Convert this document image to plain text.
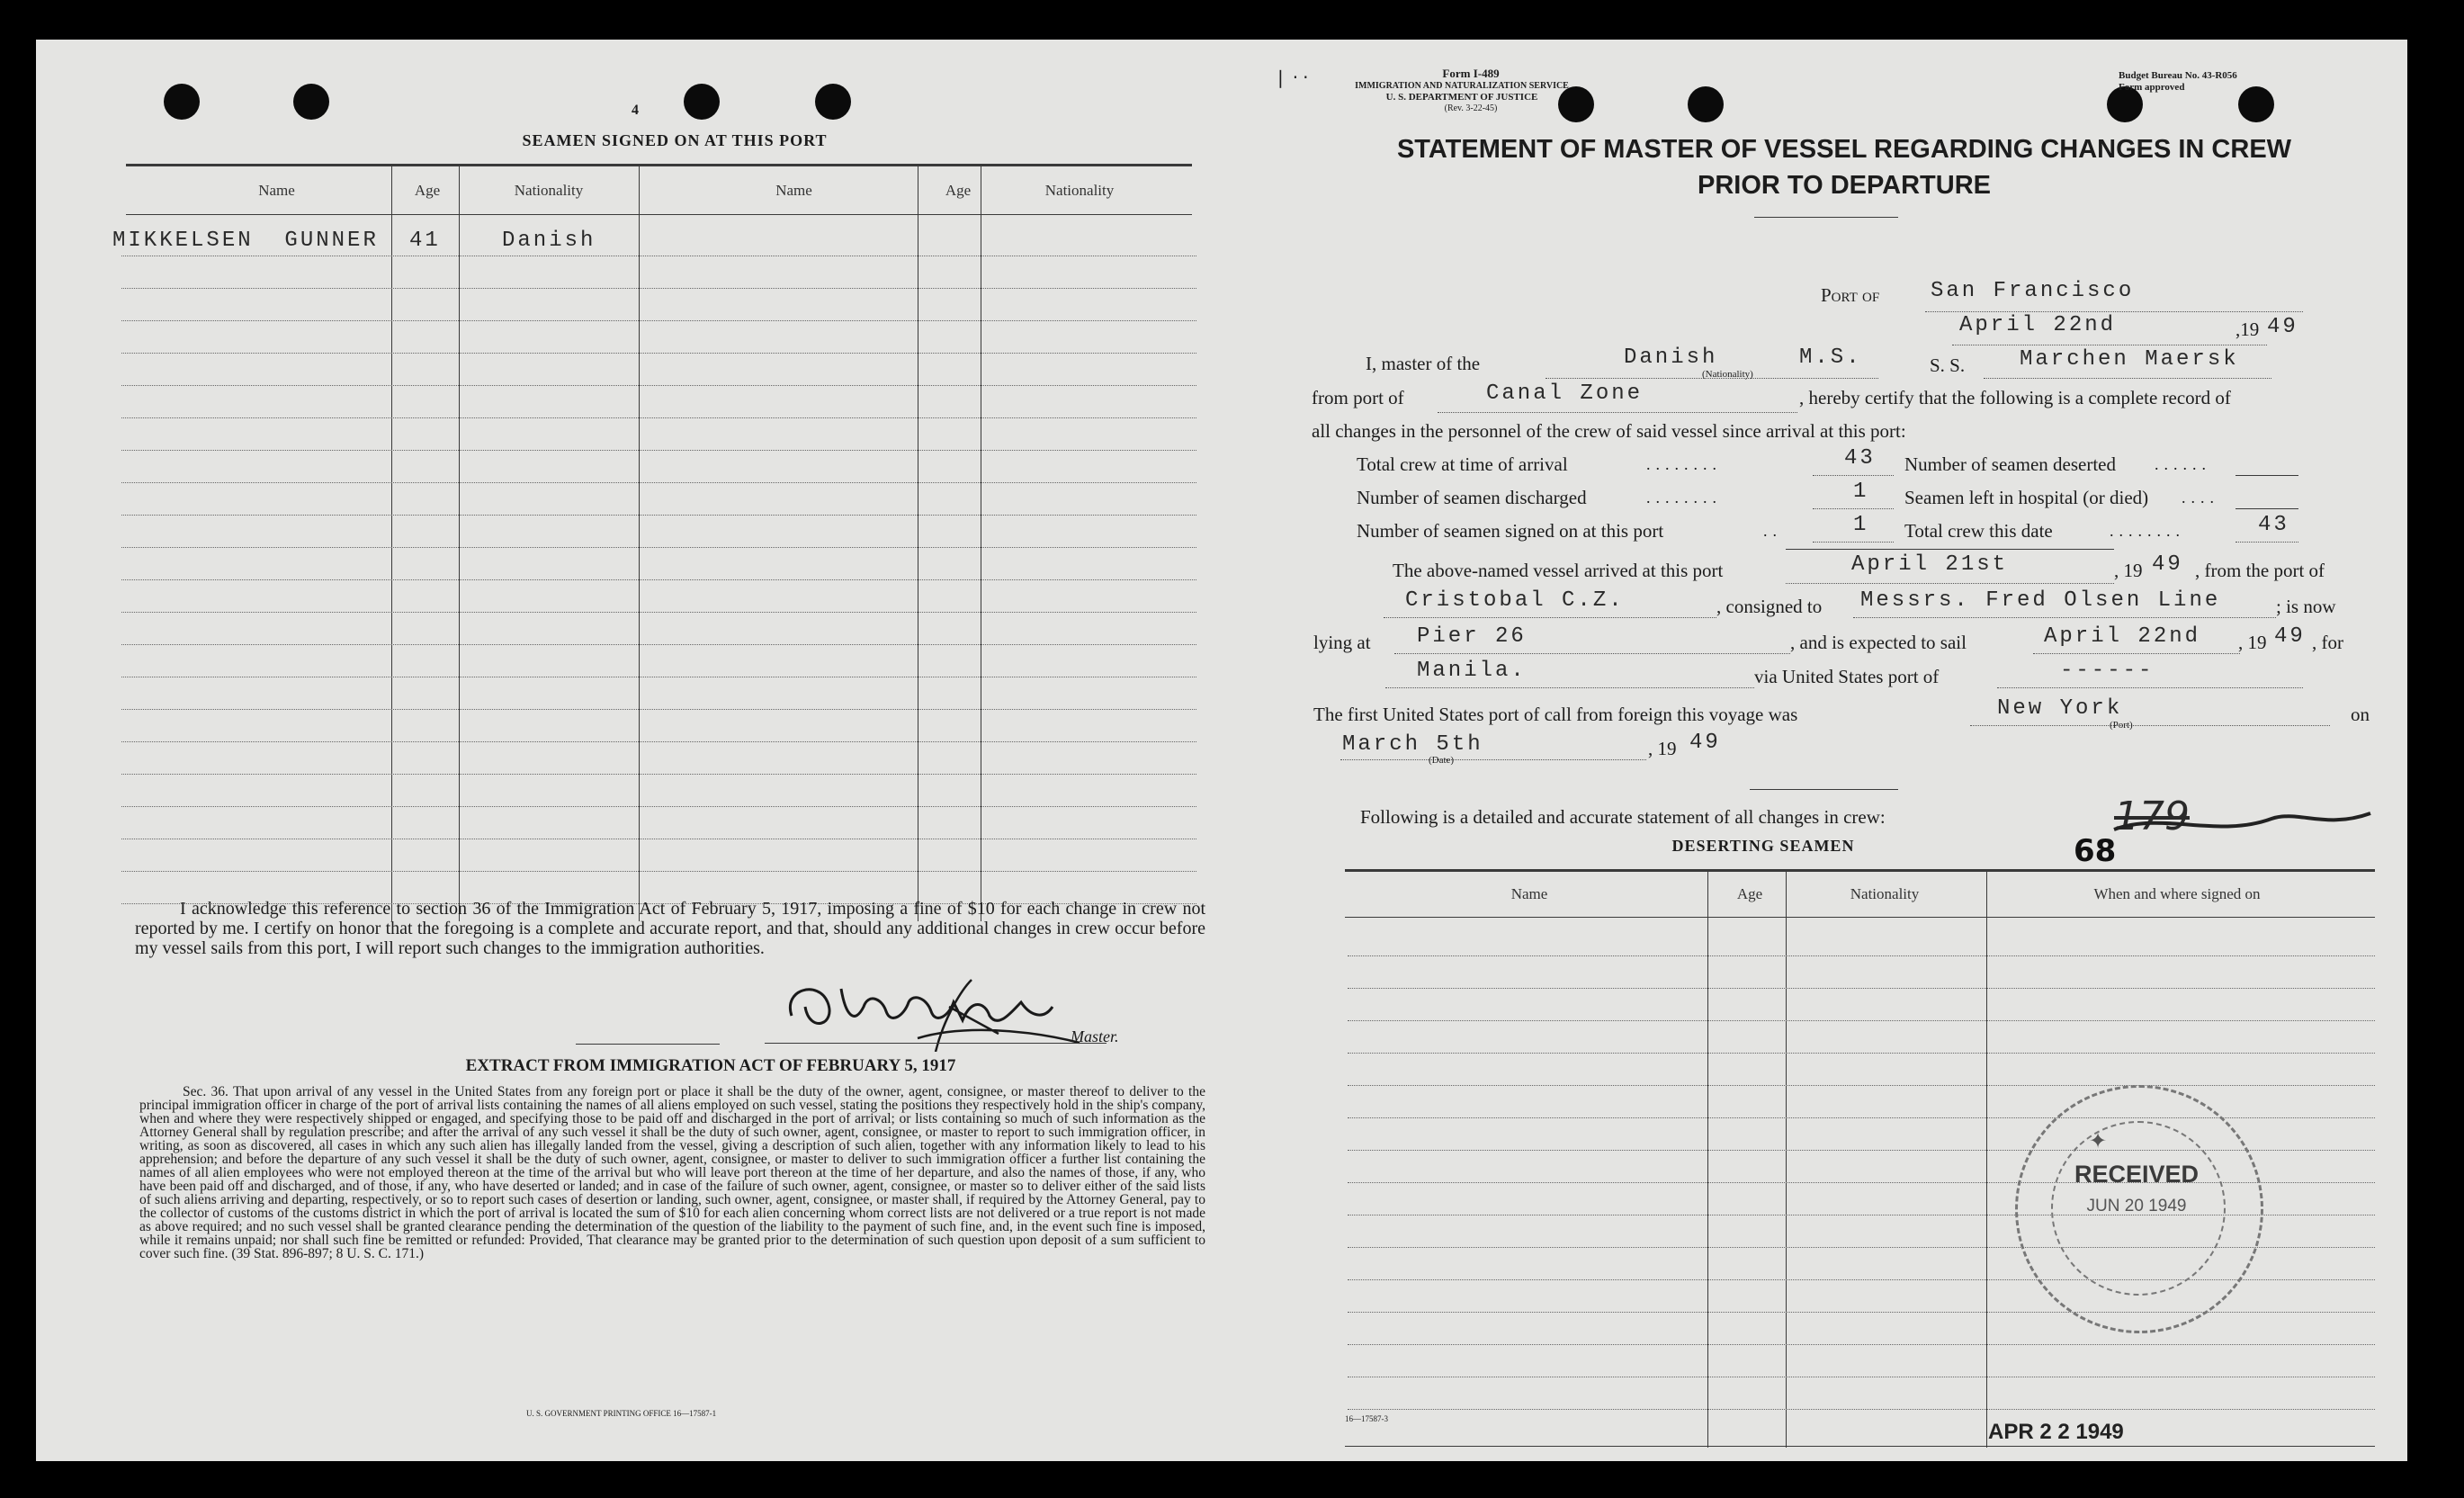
4
SEAMEN SIGNED ON AT THIS PORT
Name	Age	Nationality	Name	Age	Nationality
MIKKELSEN  GUNNER 41	Danish
I acknowledge this reference to section 36 of the Immigration Act of February 5, 1917, imposing a fine of $10 for each change in crew not reported by me. I certify on honor that the foregoing is a complete and accurate report, and that, should any additional changes in crew occur before my vessel sails from this port, I will report such changes to the immigration authorities.
Master.
EXTRACT FROM IMMIGRATION ACT OF FEBRUARY 5, 1917
Sec. 36. That upon arrival of any vessel in the United States from any foreign port or place it shall be the duty of the owner, agent, consignee, or master thereof to deliver to the principal immigration officer in charge of the port of arrival lists containing the names of all aliens employed on such vessel, stating the positions they respectively hold in the ship's company, when and where they were respectively shipped or engaged, and specifying those to be paid off and discharged in the port of arrival; or lists containing so much of such information as the Attorney General shall by regulation prescribe; and after the arrival of any such vessel it shall be the duty of such owner, agent, consignee, or master to report to such immigration officer, in writing, as soon as discovered, all cases in which any such alien has illegally landed from the vessel, giving a description of such alien, together with any information likely to lead to his apprehension; and before the departure of any such vessel it shall be the duty of such owner, agent, consignee, or master to deliver to such immigration officer a further list containing the names of all alien employees who were not employed thereon at the time of the arrival but who will leave port thereon at the time of her departure, and also the names of those, if any, who have been paid off and discharged, and of those, if any, who have deserted or landed; and in case of the failure of such owner, agent, consignee, or master so to deliver either of the said lists of such aliens arriving and departing, respectively, or so to report such cases of desertion or landing, such owner, agent, consignee, or master shall, if required by the Attorney General, pay to the collector of customs of the customs district in which the port of arrival is located the sum of $10 for each alien concerning whom correct lists are not delivered or a true report is not made as above required; and no such vessel shall be granted clearance pending the determination of the question of the liability to the payment of such fine, and, in the event such fine is imposed, while it remains unpaid; nor shall such fine be remitted or refunded: Provided, That clearance may be granted prior to the determination of such question upon deposit of a sum sufficient to cover such fine. (39 Stat. 896-897; 8 U. S. C. 171.)
U. S. GOVERNMENT PRINTING OFFICE 16—17587-1
❘ ‧ ‧	Form I-489
IMMIGRATION AND NATURALIZATION SERVICE
U. S. DEPARTMENT OF JUSTICE
(Rev. 3-22-45)
Budget Bureau No. 43-R056
Form approved
STATEMENT OF MASTER OF VESSEL REGARDING CHANGES IN CREW
PRIOR TO DEPARTURE
Port of San Francisco
April 22nd	,19 49
I, master of the	Danish
(Nationality)
M.S.	S. S.	Marchen Maersk
from port of	Canal Zone	, hereby certify that the following is a complete record of
all changes in the personnel of the crew of said vessel since arrival at this port:
Total crew at time of arrival	........	43 Number of seamen deserted ......
Number of seamen discharged	........	1 Seamen left in hospital (or died) ....
Number of seamen signed on at this port	..	1 Total crew this date	........	43
The above-named vessel arrived at this port	April 21st	, 19 49 , from the port of
Cristobal C.Z.	, consigned to Messrs. Fred Olsen Line	; is now
lying at Pier 26	, and is expected to sail	April 22nd , 19 49 , for
Manila.	via United States port of	------
The first United States port of call from foreign this voyage was	New York
(Port)	on
March 5th
(Date)
, 19 49
Following is a detailed and accurate statement of all changes in crew:	179
DESERTING SEAMEN	68
Name	Age	Nationality	When and where signed on
✦
RECEIVED
JUN 20 1949
16—17587-3
APR 2 2 1949
